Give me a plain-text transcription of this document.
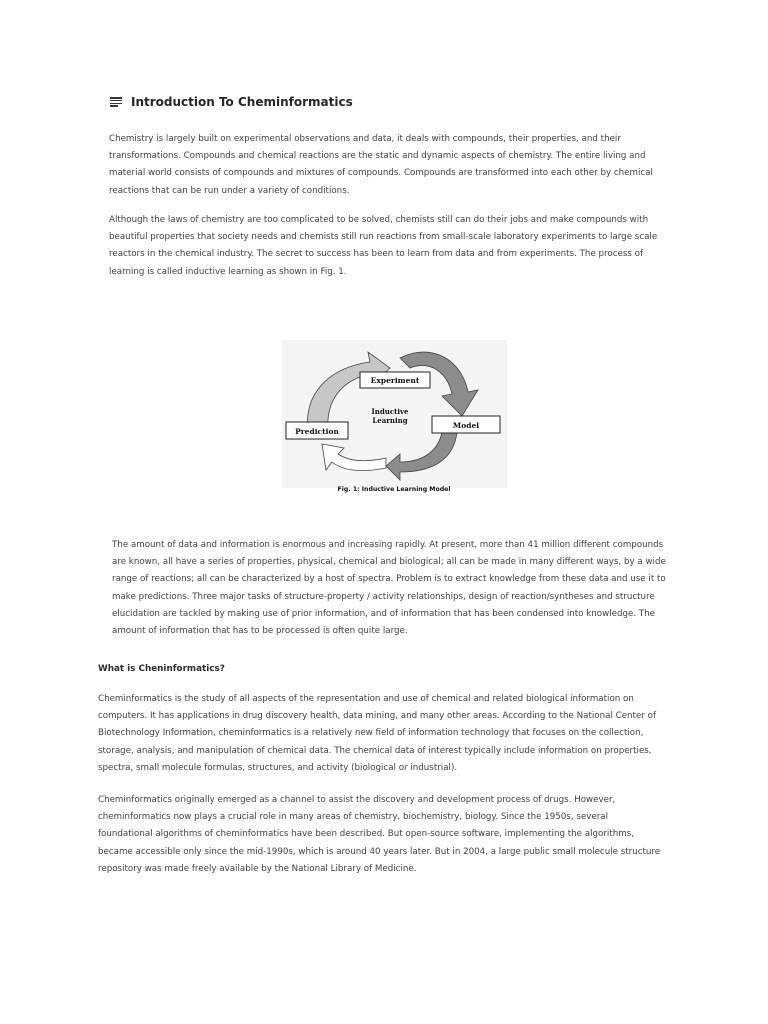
Introduction To Cheminformatics

Chemistry is largely built on experimental observations and data, it deals with compounds, their properties, and their transformations. Compounds and chemical reactions are the static and dynamic aspects of chemistry. The entire living and material world consists of compounds and mixtures of compounds. Compounds are transformed into each other by chemical reactions that can be run under a variety of conditions.

Although the laws of chemistry are too complicated to be solved, chemists still can do their jobs and make compounds with beautiful properties that society needs and chemists still run reactions from small-scale laboratory experiments to large scale reactors in the chemical industry. The secret to success has been to learn from data and from experiments. The process of learning is called inductive learning as shown in Fig. 1.

Experiment
Model
Prediction
Inductive
Learning
Fig. 1: Inductive Learning Model

The amount of data and information is enormous and increasing rapidly. At present, more than 41 million different compounds are known, all have a series of properties, physical, chemical and biological; all can be made in many different ways, by a wide range of reactions; all can be characterized by a host of spectra. Problem is to extract knowledge from these data and use it to make predictions. Three major tasks of structure-property / activity relationships, design of reaction/syntheses and structure elucidation are tackled by making use of prior information, and of information that has been condensed into knowledge. The amount of information that has to be processed is often quite large.

What is Cheninformatics?

Cheminformatics is the study of all aspects of the representation and use of chemical and related biological information on computers. It has applications in drug discovery health, data mining, and many other areas. According to the National Center of Biotechnology Information, cheminformatics is a relatively new field of information technology that focuses on the collection, storage, analysis, and manipulation of chemical data. The chemical data of interest typically include information on properties, spectra, small molecule formulas, structures, and activity (biological or industrial).

Cheminformatics originally emerged as a channel to assist the discovery and development process of drugs. However, cheminformatics now plays a crucial role in many areas of chemistry, biochemistry, biology. Since the 1950s, several foundational algorithms of cheminformatics have been described. But open-source software, implementing the algorithms, became accessible only since the mid-1990s, which is around 40 years later. But in 2004, a large public small molecule structure repository was made freely available by the National Library of Medicine.
